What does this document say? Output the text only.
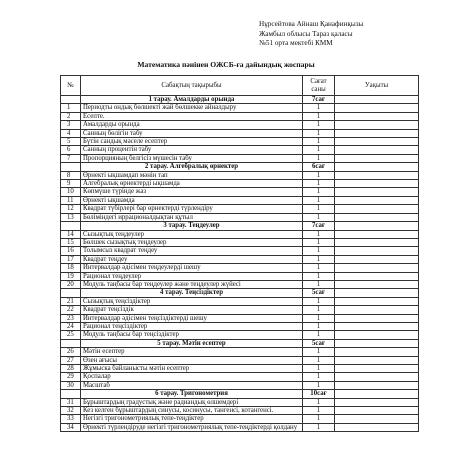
Нұрсейтова Айнаш Қанафинқызы
Жамбыл облысы Тараз қаласы
№51 орта мектебі КММ
Математика пәнінен ОЖСБ-ға дайындық жоспары
№	Сабақтың тақырыбы	Сағат саны	Уақыты
	1 тарау. Амалдарды орында	7сағ	
1	Периодты ондық бөлшекті жай бөлшекке айналдыру	1	
2	Есепте.	1	
3	Амалдарды орында	1	
4	Санның бөлігін табу	1	
5	Бүтін сандық мәселе есептер	1	
6	Санның процентін табу	1	
7	Пропорцияның белгісіз мүшесін табу	1	
	2 тарау. Алгебралық өрнектер	6сағ	
8	Өрнекті ықшамдап мәнін тап	1	
9	Алгебралық өрнектерді ықшамда	1	
10	Көпмүше түрінде жаз	1	
11	Өрнекті ықшамда	1	
12	Квадрат түбірлері бар өрнектерді түрлендіру	1	
13	Бөліміндегі иррационалдықтан құтыл	1	
	3 тарау. Теңдеулер	7сағ	
14	Сызықтық теңдеулер	1	
15	Бөлшек сызықтық теңдеулер	1	
16	Толымсыз квадрат теңдеу	1	
17	Квадрат теңдеу	1	
18	Интервалдар әдісімен теңдеулерді шешу	1	
19	Рационал теңдеулер	1	
20	Модуль таңбасы бар теңдеулер және теңдеулер жүйесі	1	
	4 тарау. Теңсіздіктер	5сағ	
21	Сызықтық теңсіздіктер	1	
22	Квадрат теңсіздік	1	
23	Интервалдар әдісімен теңсіздіктерді шешу	1	
24	Рационал теңсіздіктер	1	
25	Модуль таңбасы бар теңсіздіктер	1	
	5 тарау. Мәтін есептер	5сағ	
26	Мәтін есептер	1	
27	Өзен ағысы	1	
28	Жұмыска байланысты мәтін есептер	1	
29	Қоспалар	1	
30	Масштаб	1	
	6 тарау. Тригонометрия	10сағ	
31	Бұрыштардың градустық және радиандық өлшемдері	1	
32	Кез келген бұрыштардың синусы, косинусы, тангенсі, котангенсі.	1	
33	Негізгі тригонометриялық тепе-теңдіктер	1	
34	Өрнекті түрлендіруде негізгі тригонометриялық тепе-теңдіктерді қолдану	1	
